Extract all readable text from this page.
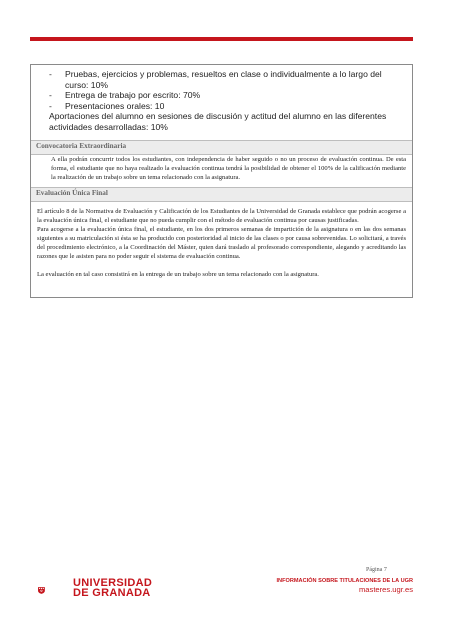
- Pruebas, ejercicios y problemas, resueltos en clase o individualmente a lo largo del curso: 10%
- Entrega de trabajo por escrito: 70%
- Presentaciones orales: 10
Aportaciones del alumno en sesiones de discusión y actitud del alumno en las diferentes actividades desarrolladas: 10%
Convocatoria Extraordinaria
A ella podrán concurrir todos los estudiantes, con independencia de haber seguido o no un proceso de evaluación continua. De esta forma, el estudiante que no haya realizado la evaluación continua tendrá la posibilidad de obtener el 100% de la calificación mediante la realización de un trabajo sobre un tema relacionado con la asignatura.
Evaluación Única Final

El artículo 8 de la Normativa de Evaluación y Calificación de los Estudiantes de la Universidad de Granada establece que podrán acogerse a la evaluación única final, el estudiante que no pueda cumplir con el método de evaluación continua por causas justificadas.

Para acogerse a la evaluación única final, el estudiante, en los dos primeros semanas de impartición de la asignatura o en las dos semanas siguientes a su matriculación si ésta se ha producido con posterioridad al inicio de las clases o por causa sobrevenidas. Lo solicitará, a través del procedimiento electrónico, a la Coordinación del Máster, quien dará traslado al profesorado correspondiente, alegando y acreditando las razones que le asisten para no poder seguir el sistema de evaluación continua.

La evaluación en tal caso consistirá en la entrega de un trabajo sobre un tema relacionado con la asignatura.

Página 7
UNIVERSIDAD
DE GRANADA
INFORMACIÓN SOBRE TITULACIONES DE LA UGR
masteres.ugr.es
